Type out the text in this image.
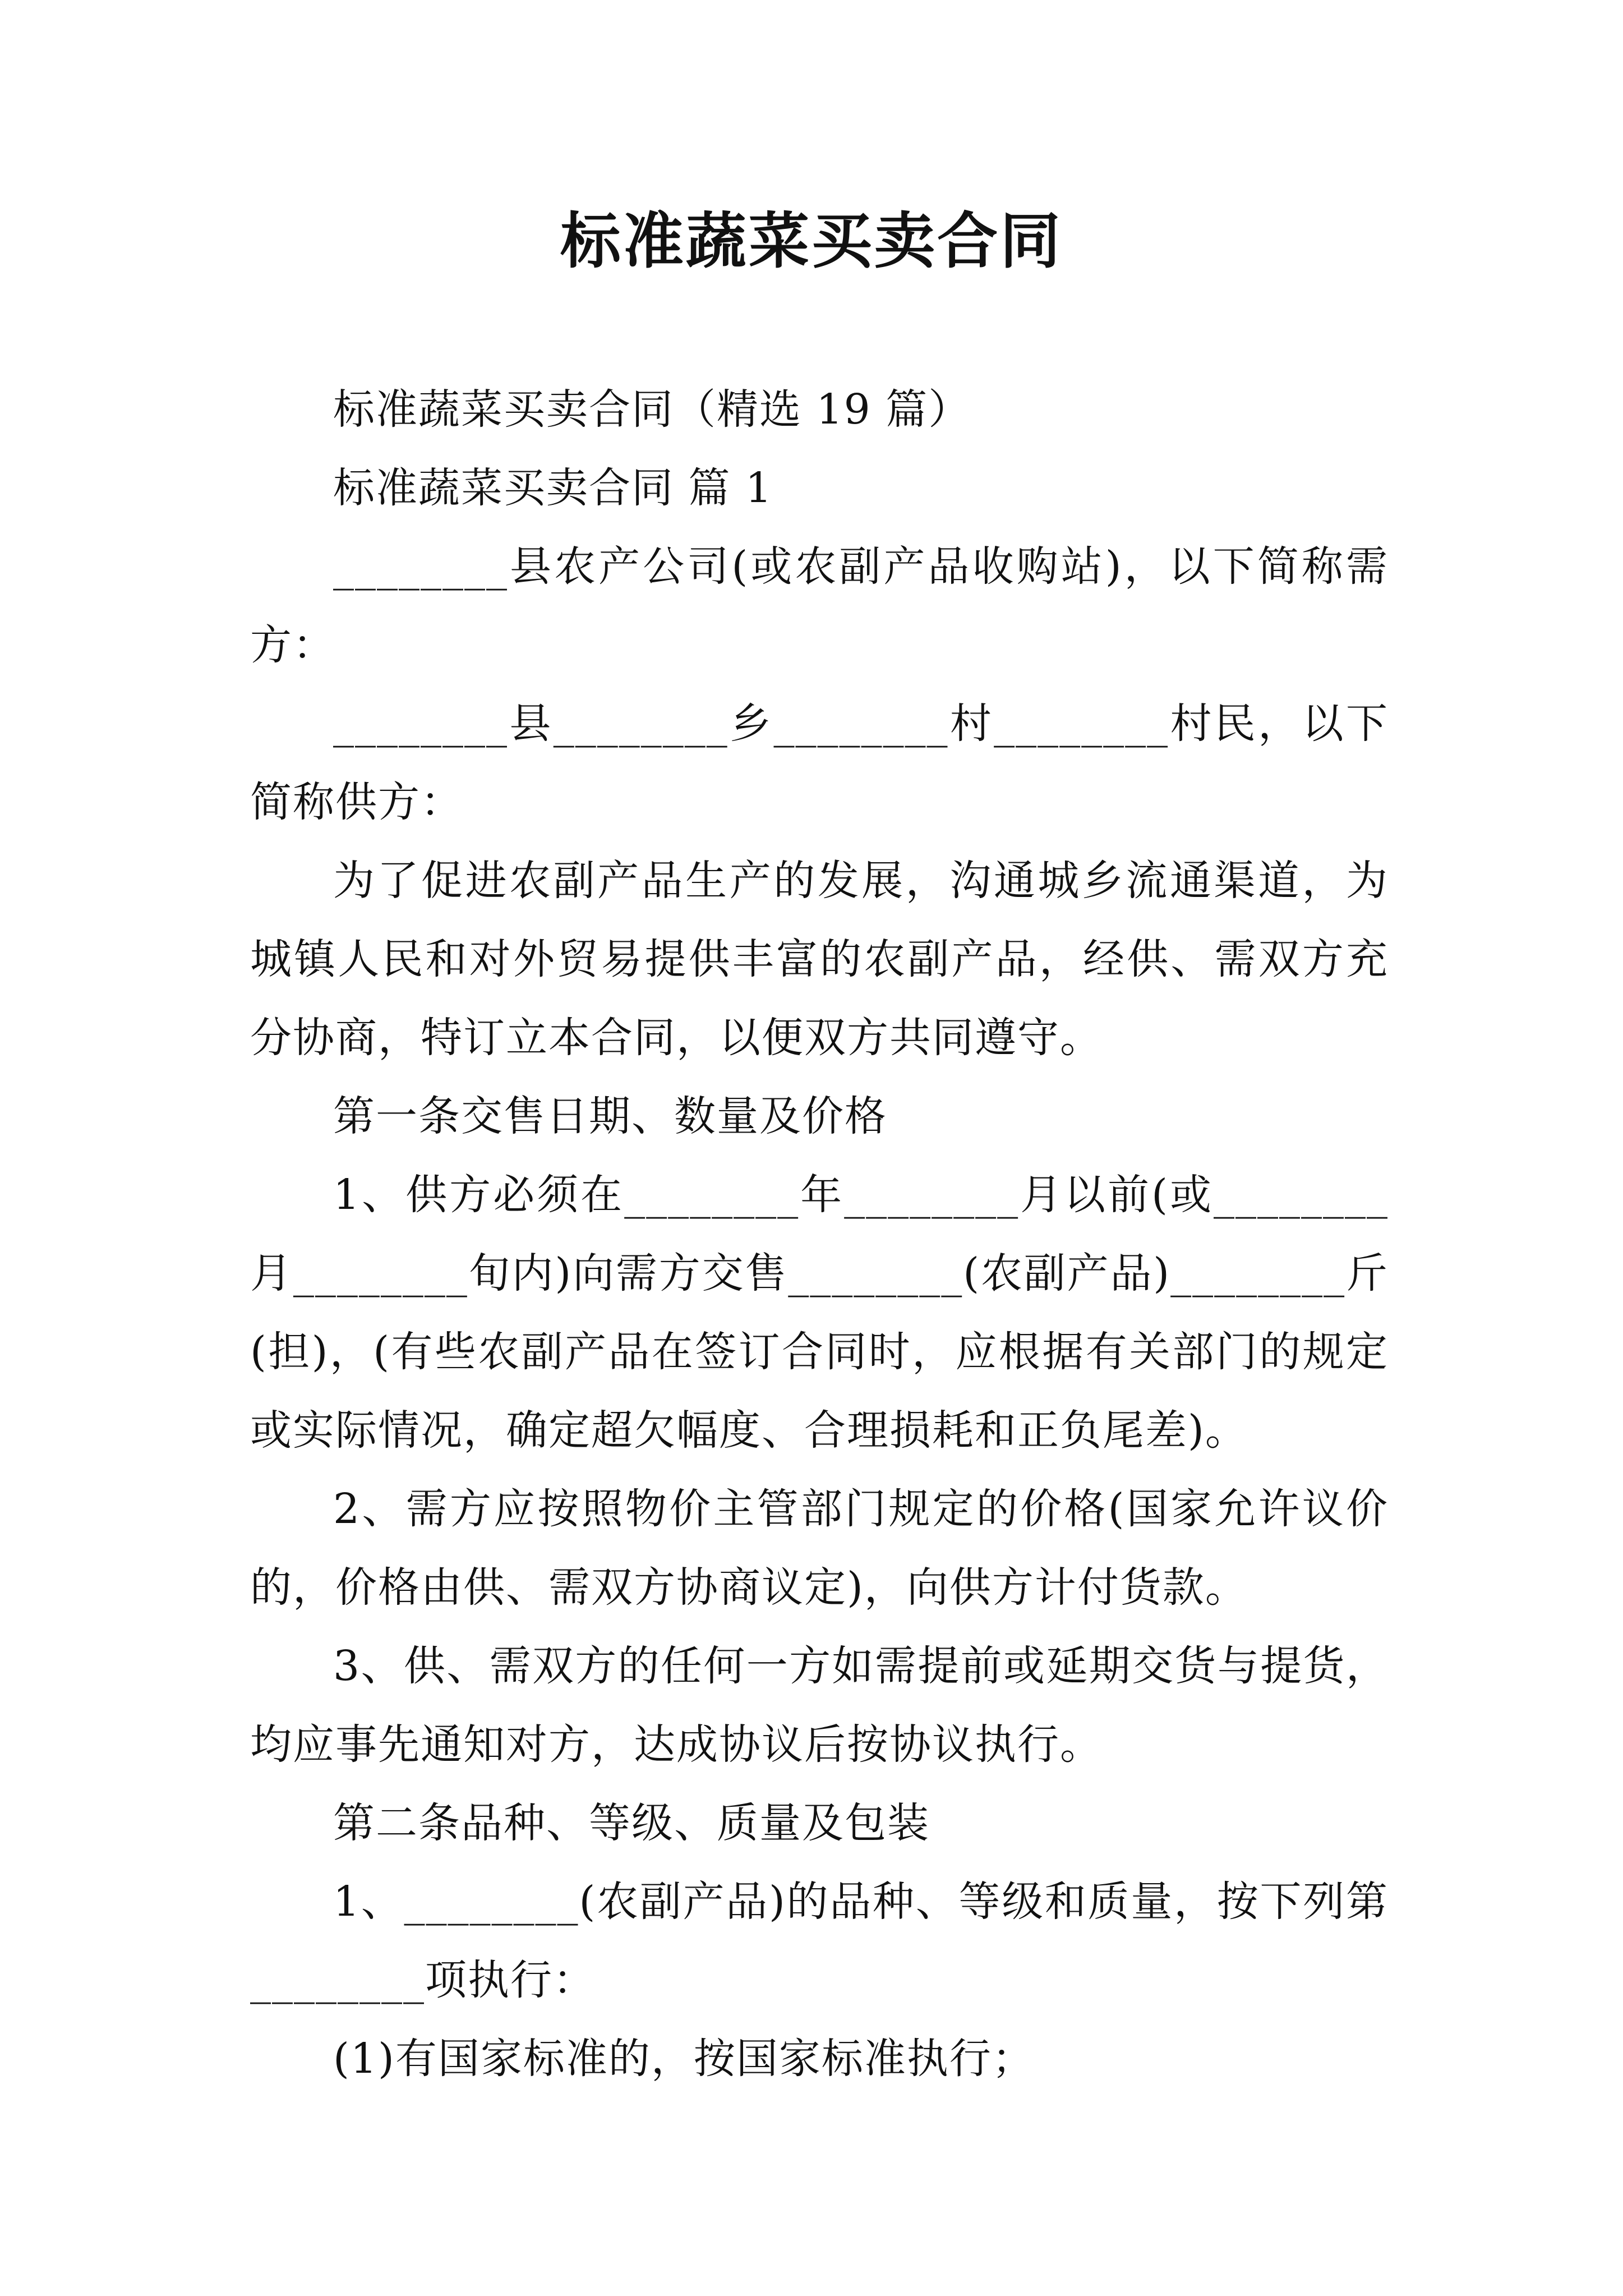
标准蔬菜买卖合同

标准蔬菜买卖合同（精选 19 篇）

标准蔬菜买卖合同 篇 1

________县农产公司(或农副产品收购站)，以下简称需方：

________县________乡________村________村民，以下简称供方：

为了促进农副产品生产的发展，沟通城乡流通渠道，为城镇人民和对外贸易提供丰富的农副产品，经供、需双方充分协商，特订立本合同，以便双方共同遵守。

第一条交售日期、数量及价格

1、供方必须在________年________月以前(或________月________旬内)向需方交售________(农副产品)________斤(担)，(有些农副产品在签订合同时，应根据有关部门的规定或实际情况，确定超欠幅度、合理损耗和正负尾差)。

2、需方应按照物价主管部门规定的价格(国家允许议价的，价格由供、需双方协商议定)，向供方计付货款。

3、供、需双方的任何一方如需提前或延期交货与提货，均应事先通知对方，达成协议后按协议执行。

第二条品种、等级、质量及包装

1、________(农副产品)的品种、等级和质量，按下列第________项执行：

(1)有国家标准的，按国家标准执行；
